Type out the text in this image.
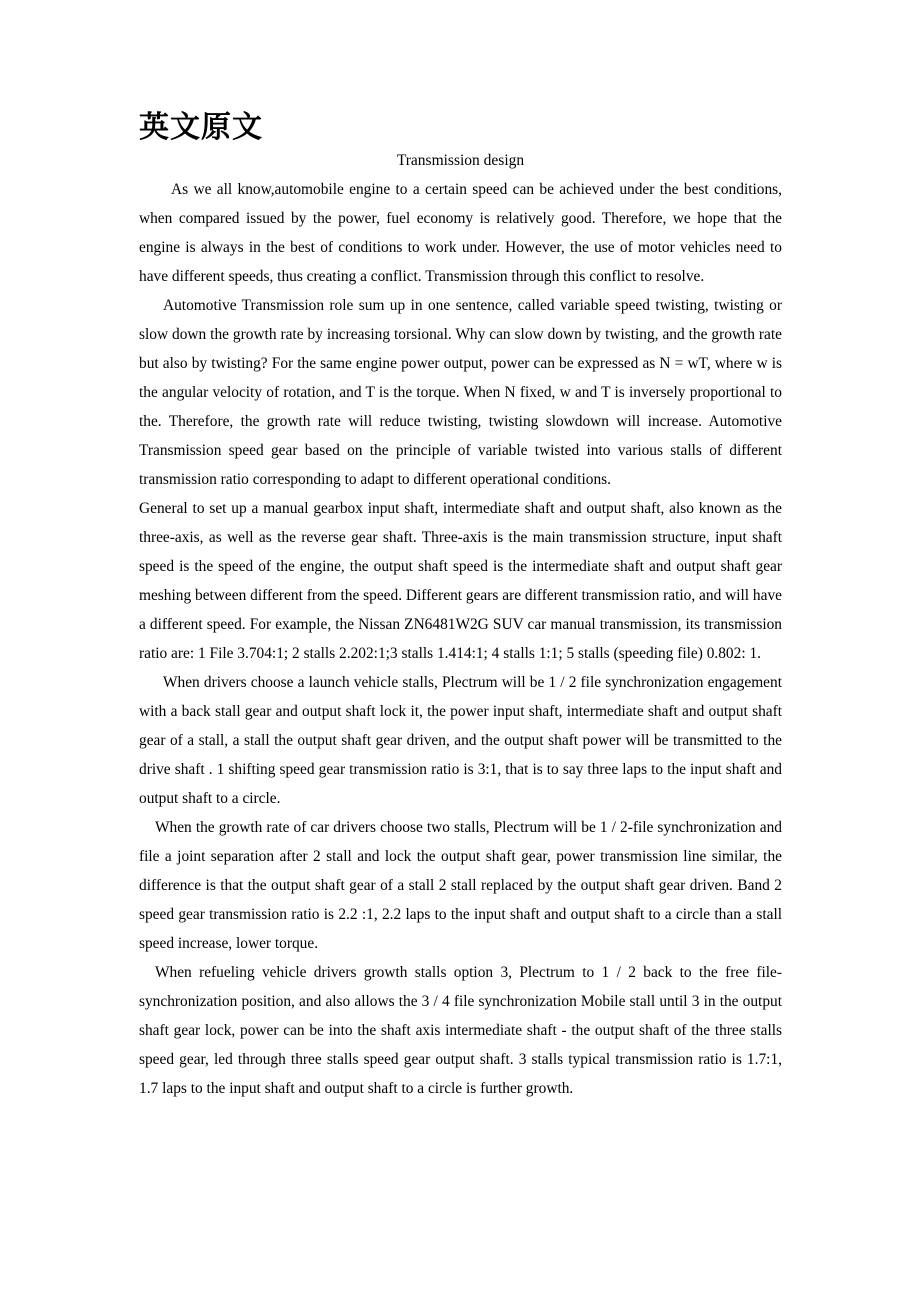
英文原文
Transmission design

As we all know,automobile engine to a certain speed can be achieved under the best conditions, when compared issued by the power, fuel economy is relatively good. Therefore, we hope that the engine is always in the best of conditions to work under. However, the use of motor vehicles need to have different speeds, thus creating a conflict. Transmission through this conflict to resolve.

Automotive Transmission role sum up in one sentence, called variable speed twisting, twisting or slow down the growth rate by increasing torsional. Why can slow down by twisting, and the growth rate but also by twisting? For the same engine power output, power can be expressed as N = wT, where w is the angular velocity of rotation, and T is the torque. When N fixed, w and T is inversely proportional to the. Therefore, the growth rate will reduce twisting, twisting slowdown will increase. Automotive Transmission speed gear based on the principle of variable twisted into various stalls of different transmission ratio corresponding to adapt to different operational conditions.

General to set up a manual gearbox input shaft, intermediate shaft and output shaft, also known as the three-axis, as well as the reverse gear shaft. Three-axis is the main transmission structure, input shaft speed is the speed of the engine, the output shaft speed is the intermediate shaft and output shaft gear meshing between different from the speed. Different gears are different transmission ratio, and will have a different speed. For example, the Nissan ZN6481W2G SUV car manual transmission, its transmission ratio are: 1 File 3.704:1; 2 stalls 2.202:1;3 stalls 1.414:1; 4 stalls 1:1; 5 stalls (speeding file) 0.802: 1.

When drivers choose a launch vehicle stalls, Plectrum will be 1 / 2 file synchronization engagement with a back stall gear and output shaft lock it, the power input shaft, intermediate shaft and output shaft gear of a stall, a stall the output shaft gear driven, and the output shaft power will be transmitted to the drive shaft . 1 shifting speed gear transmission ratio is 3:1, that is to say three laps to the input shaft and output shaft to a circle.

When the growth rate of car drivers choose two stalls, Plectrum will be 1 / 2-file synchronization and file a joint separation after 2 stall and lock the output shaft gear, power transmission line similar, the difference is that the output shaft gear of a stall 2 stall replaced by the output shaft gear driven. Band 2 speed gear transmission ratio is 2.2 :1, 2.2 laps to the input shaft and output shaft to a circle than a stall speed increase, lower torque.

When refueling vehicle drivers growth stalls option 3, Plectrum to 1 / 2 back to the free file-synchronization position, and also allows the 3 / 4 file synchronization Mobile stall until 3 in the output shaft gear lock, power can be into the shaft axis intermediate shaft - the output shaft of the three stalls speed gear, led through three stalls speed gear output shaft. 3 stalls typical transmission ratio is 1.7:1, 1.7 laps to the input shaft and output shaft to a circle is further growth.
